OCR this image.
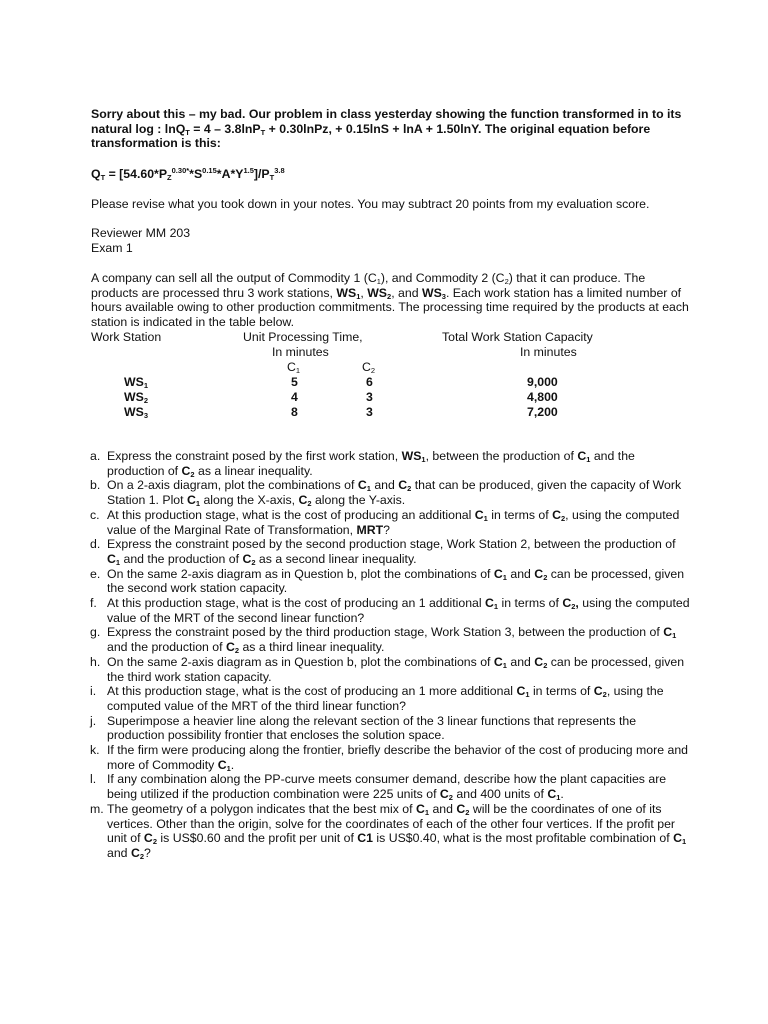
Sorry about this – my bad. Our problem in class yesterday showing the function transformed in to its natural log : lnQ$_T$ = 4 – 3.8lnP$_T$ + 0.30lnPz, + 0.15lnS + lnA + 1.50lnY. The original equation before transformation is this:
$Q_T = [54.60*P_Z^{0.30*}*S^{0.15}*A*Y^{1.5}]/P_T^{3.8}$
Please revise what you took down in your notes. You may subtract 20 points from my evaluation score.
Reviewer MM 203
Exam 1
A company can sell all the output of Commodity 1 $(C_1)$, and Commodity 2 $(C_2)$ that it can produce. The products are processed thru 3 work stations, $WS_1$, $WS_2$, and $WS_3$. Each work station has a limited number of hours available owing to other production commitments. The processing time required by the products at each station is indicated in the table below.
Work Station	Unit Processing Time,	Total Work Station Capacity
In minutes	In minutes
$C_1$	$C_2$
$WS_1$	5	6	9,000
$WS_2$	4	3	4,800
$WS_3$	8	3	7,200
a. Express the constraint posed by the first work station, $WS_1$, between the production of $C_1$ and the production of $C_2$ as a linear inequality.
b. On a 2-axis diagram, plot the combinations of $C_1$ and $C_2$ that can be produced, given the capacity of Work Station 1. Plot $C_1$ along the X-axis, $C_2$ along the Y-axis.
c. At this production stage, what is the cost of producing an additional $C_1$ in terms of $C_2$, using the computed value of the Marginal Rate of Transformation, MRT?
d. Express the constraint posed by the second production stage, Work Station 2, between the production of $C_1$ and the production of $C_2$ as a second linear inequality.
e. On the same 2-axis diagram as in Question b, plot the combinations of $C_1$ and $C_2$ can be processed, given the second work station capacity.
f. At this production stage, what is the cost of producing an 1 additional $C_1$ in terms of $C_2$, using the computed value of the MRT of the second linear function?
g. Express the constraint posed by the third production stage, Work Station 3, between the production of $C_1$ and the production of $C_2$ as a third linear inequality.
h. On the same 2-axis diagram as in Question b, plot the combinations of $C_1$ and $C_2$ can be processed, given the third work station capacity.
i. At this production stage, what is the cost of producing an 1 more additional $C_1$ in terms of $C_2$, using the computed value of the MRT of the third linear function?
j. Superimpose a heavier line along the relevant section of the 3 linear functions that represents the production possibility frontier that encloses the solution space.
k. If the firm were producing along the frontier, briefly describe the behavior of the cost of producing more and more of Commodity $C_1$.
l. If any combination along the PP-curve meets consumer demand, describe how the plant capacities are being utilized if the production combination were 225 units of $C_2$ and 400 units of $C_1$.
m. The geometry of a polygon indicates that the best mix of $C_1$ and $C_2$ will be the coordinates of one of its vertices. Other than the origin, solve for the coordinates of each of the other four vertices. If the profit per unit of $C_2$ is US$0.60 and the profit per unit of C1 is US$0.40, what is the most profitable combination of $C_1$ and $C_2$?
